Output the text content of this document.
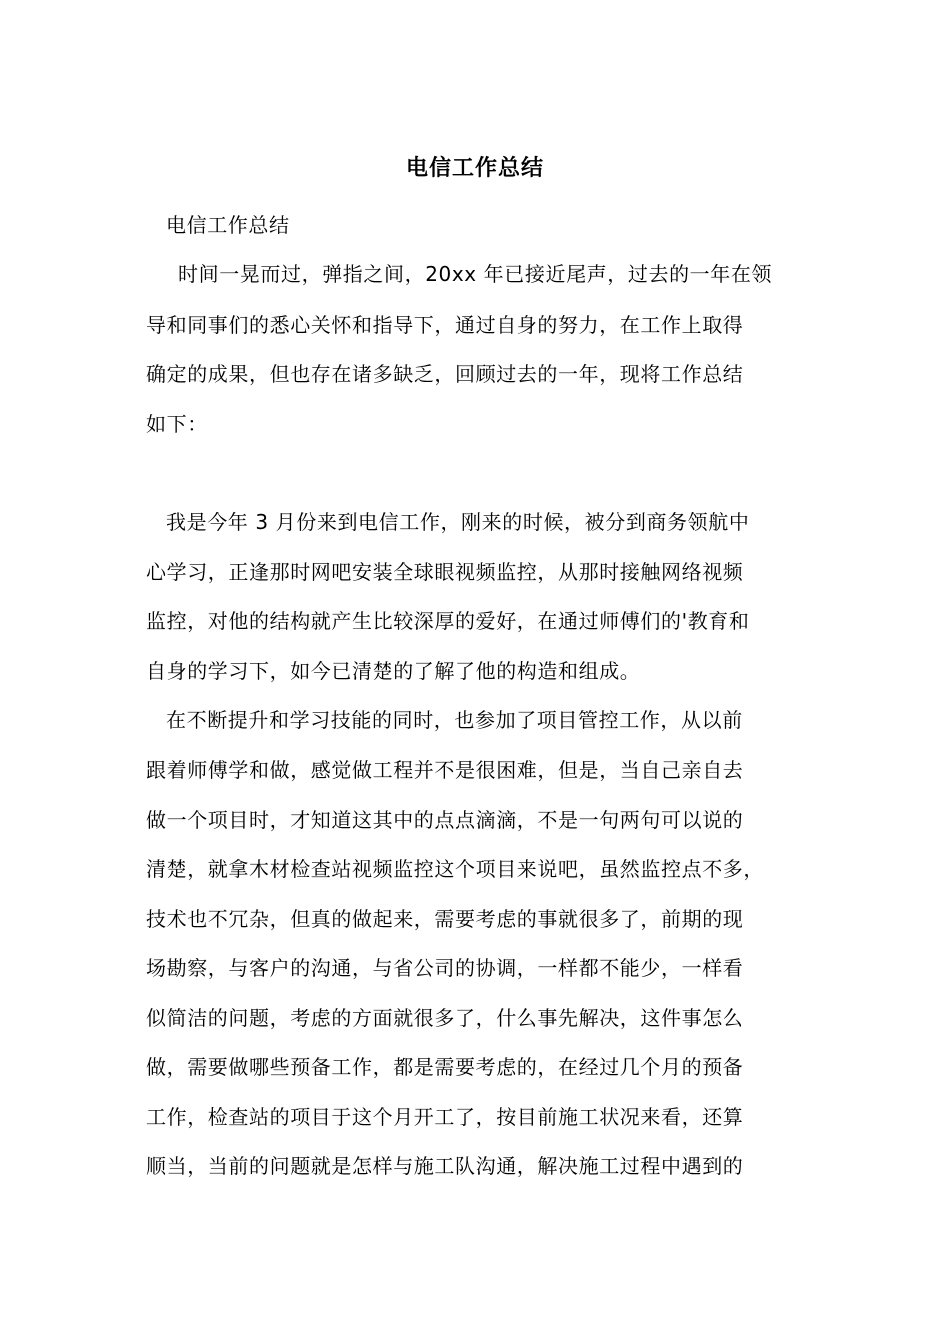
电信工作总结
电信工作总结
时间一晃而过，弹指之间，20xx 年已接近尾声，过去的一年在领
导和同事们的悉心关怀和指导下，通过自身的努力，在工作上取得
确定的成果，但也存在诸多缺乏，回顾过去的一年，现将工作总结
如下：
我是今年 3 月份来到电信工作，刚来的时候，被分到商务领航中
心学习，正逢那时网吧安装全球眼视频监控，从那时接触网络视频
监控，对他的结构就产生比较深厚的爱好，在通过师傅们的'教育和
自身的学习下，如今已清楚的了解了他的构造和组成。
在不断提升和学习技能的同时，也参加了项目管控工作，从以前
跟着师傅学和做，感觉做工程并不是很困难，但是，当自己亲自去
做一个项目时，才知道这其中的点点滴滴，不是一句两句可以说的
清楚，就拿木材检查站视频监控这个项目来说吧，虽然监控点不多，
技术也不冗杂，但真的做起来，需要考虑的事就很多了，前期的现
场勘察，与客户的沟通，与省公司的协调，一样都不能少，一样看
似简洁的问题，考虑的方面就很多了，什么事先解决，这件事怎么
做，需要做哪些预备工作，都是需要考虑的，在经过几个月的预备
工作，检查站的项目于这个月开工了，按目前施工状况来看，还算
顺当，当前的问题就是怎样与施工队沟通，解决施工过程中遇到的
